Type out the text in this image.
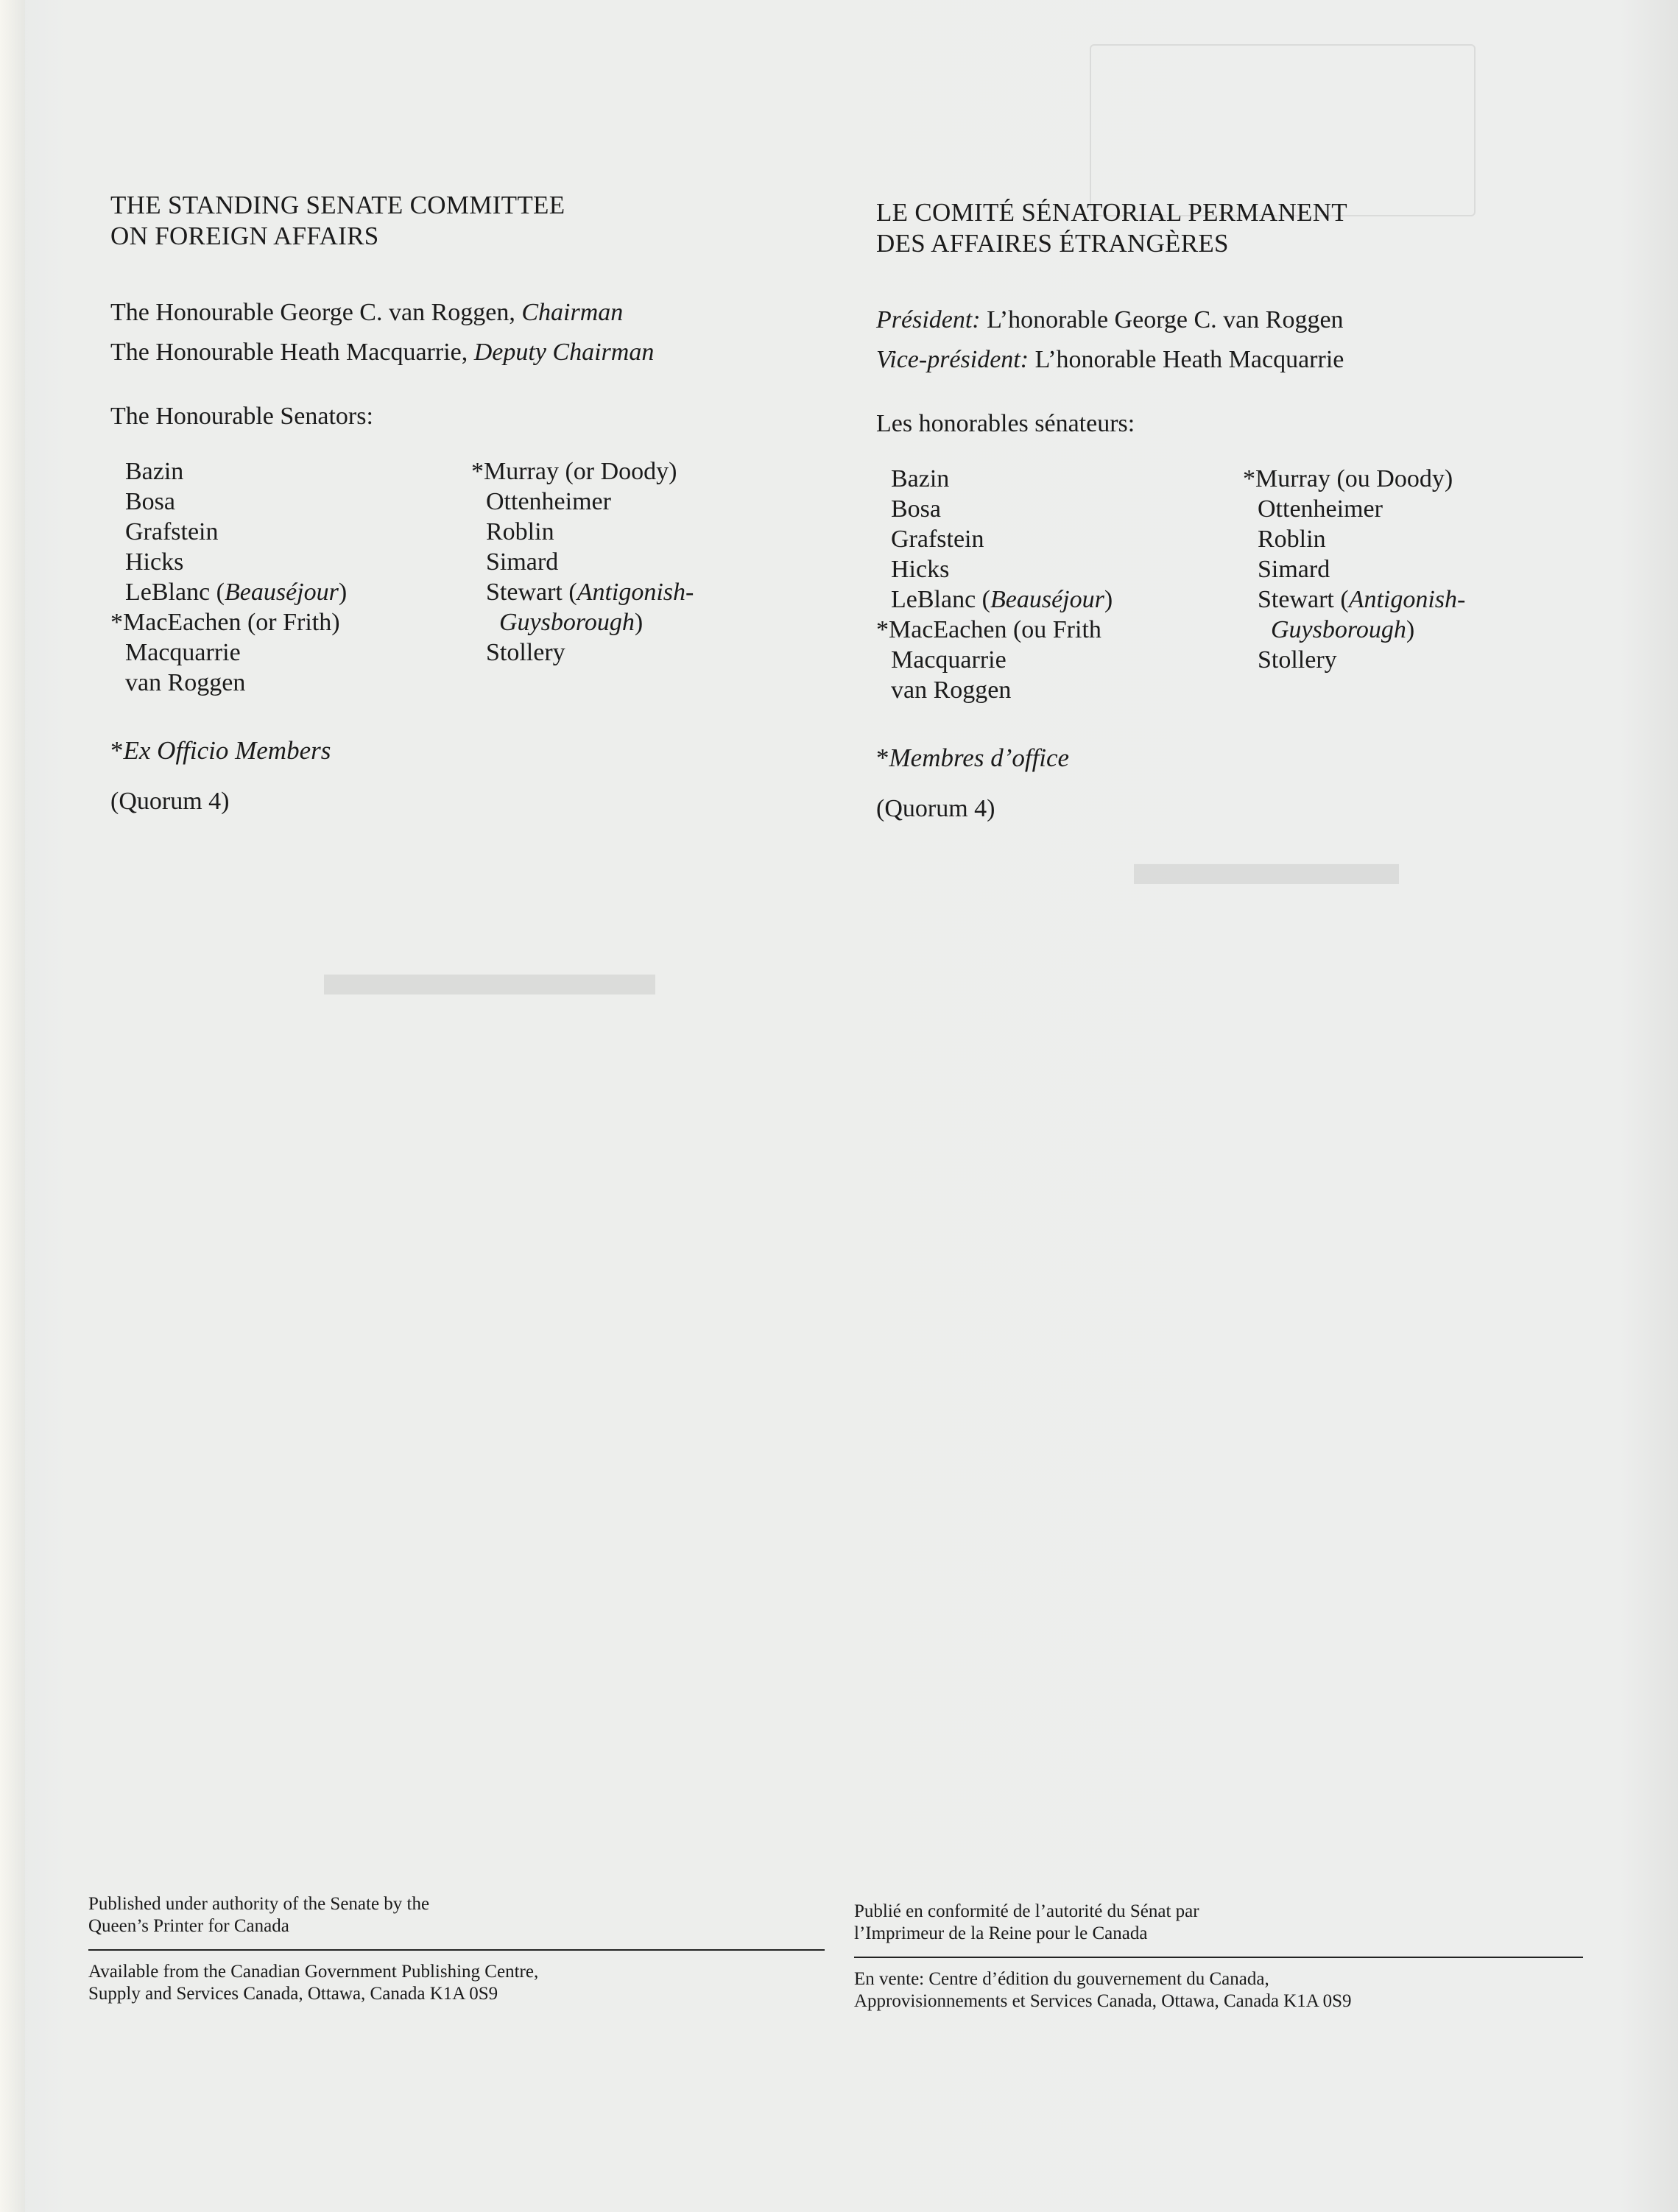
▬▬▬▬
▬▬▬▬▬
THE STANDING SENATE COMMITTEE
ON FOREIGN AFFAIRS

The Honourable George C. van Roggen, Chairman

The Honourable Heath Macquarrie, Deputy Chairman

The Honourable Senators:

Bazin
Bosa
Grafstein
Hicks
LeBlanc (Beauséjour)
*MacEachen (or Frith)
Macquarrie
van Roggen
*Murray (or Doody)
Ottenheimer
Roblin
Simard
Stewart (Antigonish-
Guysborough)
Stollery

*Ex Officio Members

(Quorum 4)

LE COMITÉ SÉNATORIAL PERMANENT
DES AFFAIRES ÉTRANGÈRES

Président: L’honorable George C. van Roggen

Vice-président: L’honorable Heath Macquarrie

Les honorables sénateurs:

Bazin
Bosa
Grafstein
Hicks
LeBlanc (Beauséjour)
*MacEachen (ou Frith
Macquarrie
van Roggen
*Murray (ou Doody)
Ottenheimer
Roblin
Simard
Stewart (Antigonish-
Guysborough)
Stollery

*Membres d’office

(Quorum 4)

Published under authority of the Senate by the
Queen’s Printer for Canada
Available from the Canadian Government Publishing Centre,
Supply and Services Canada, Ottawa, Canada K1A 0S9
Publié en conformité de l’autorité du Sénat par
l’Imprimeur de la Reine pour le Canada
En vente: Centre d’édition du gouvernement du Canada,
Approvisionnements et Services Canada, Ottawa, Canada K1A 0S9
